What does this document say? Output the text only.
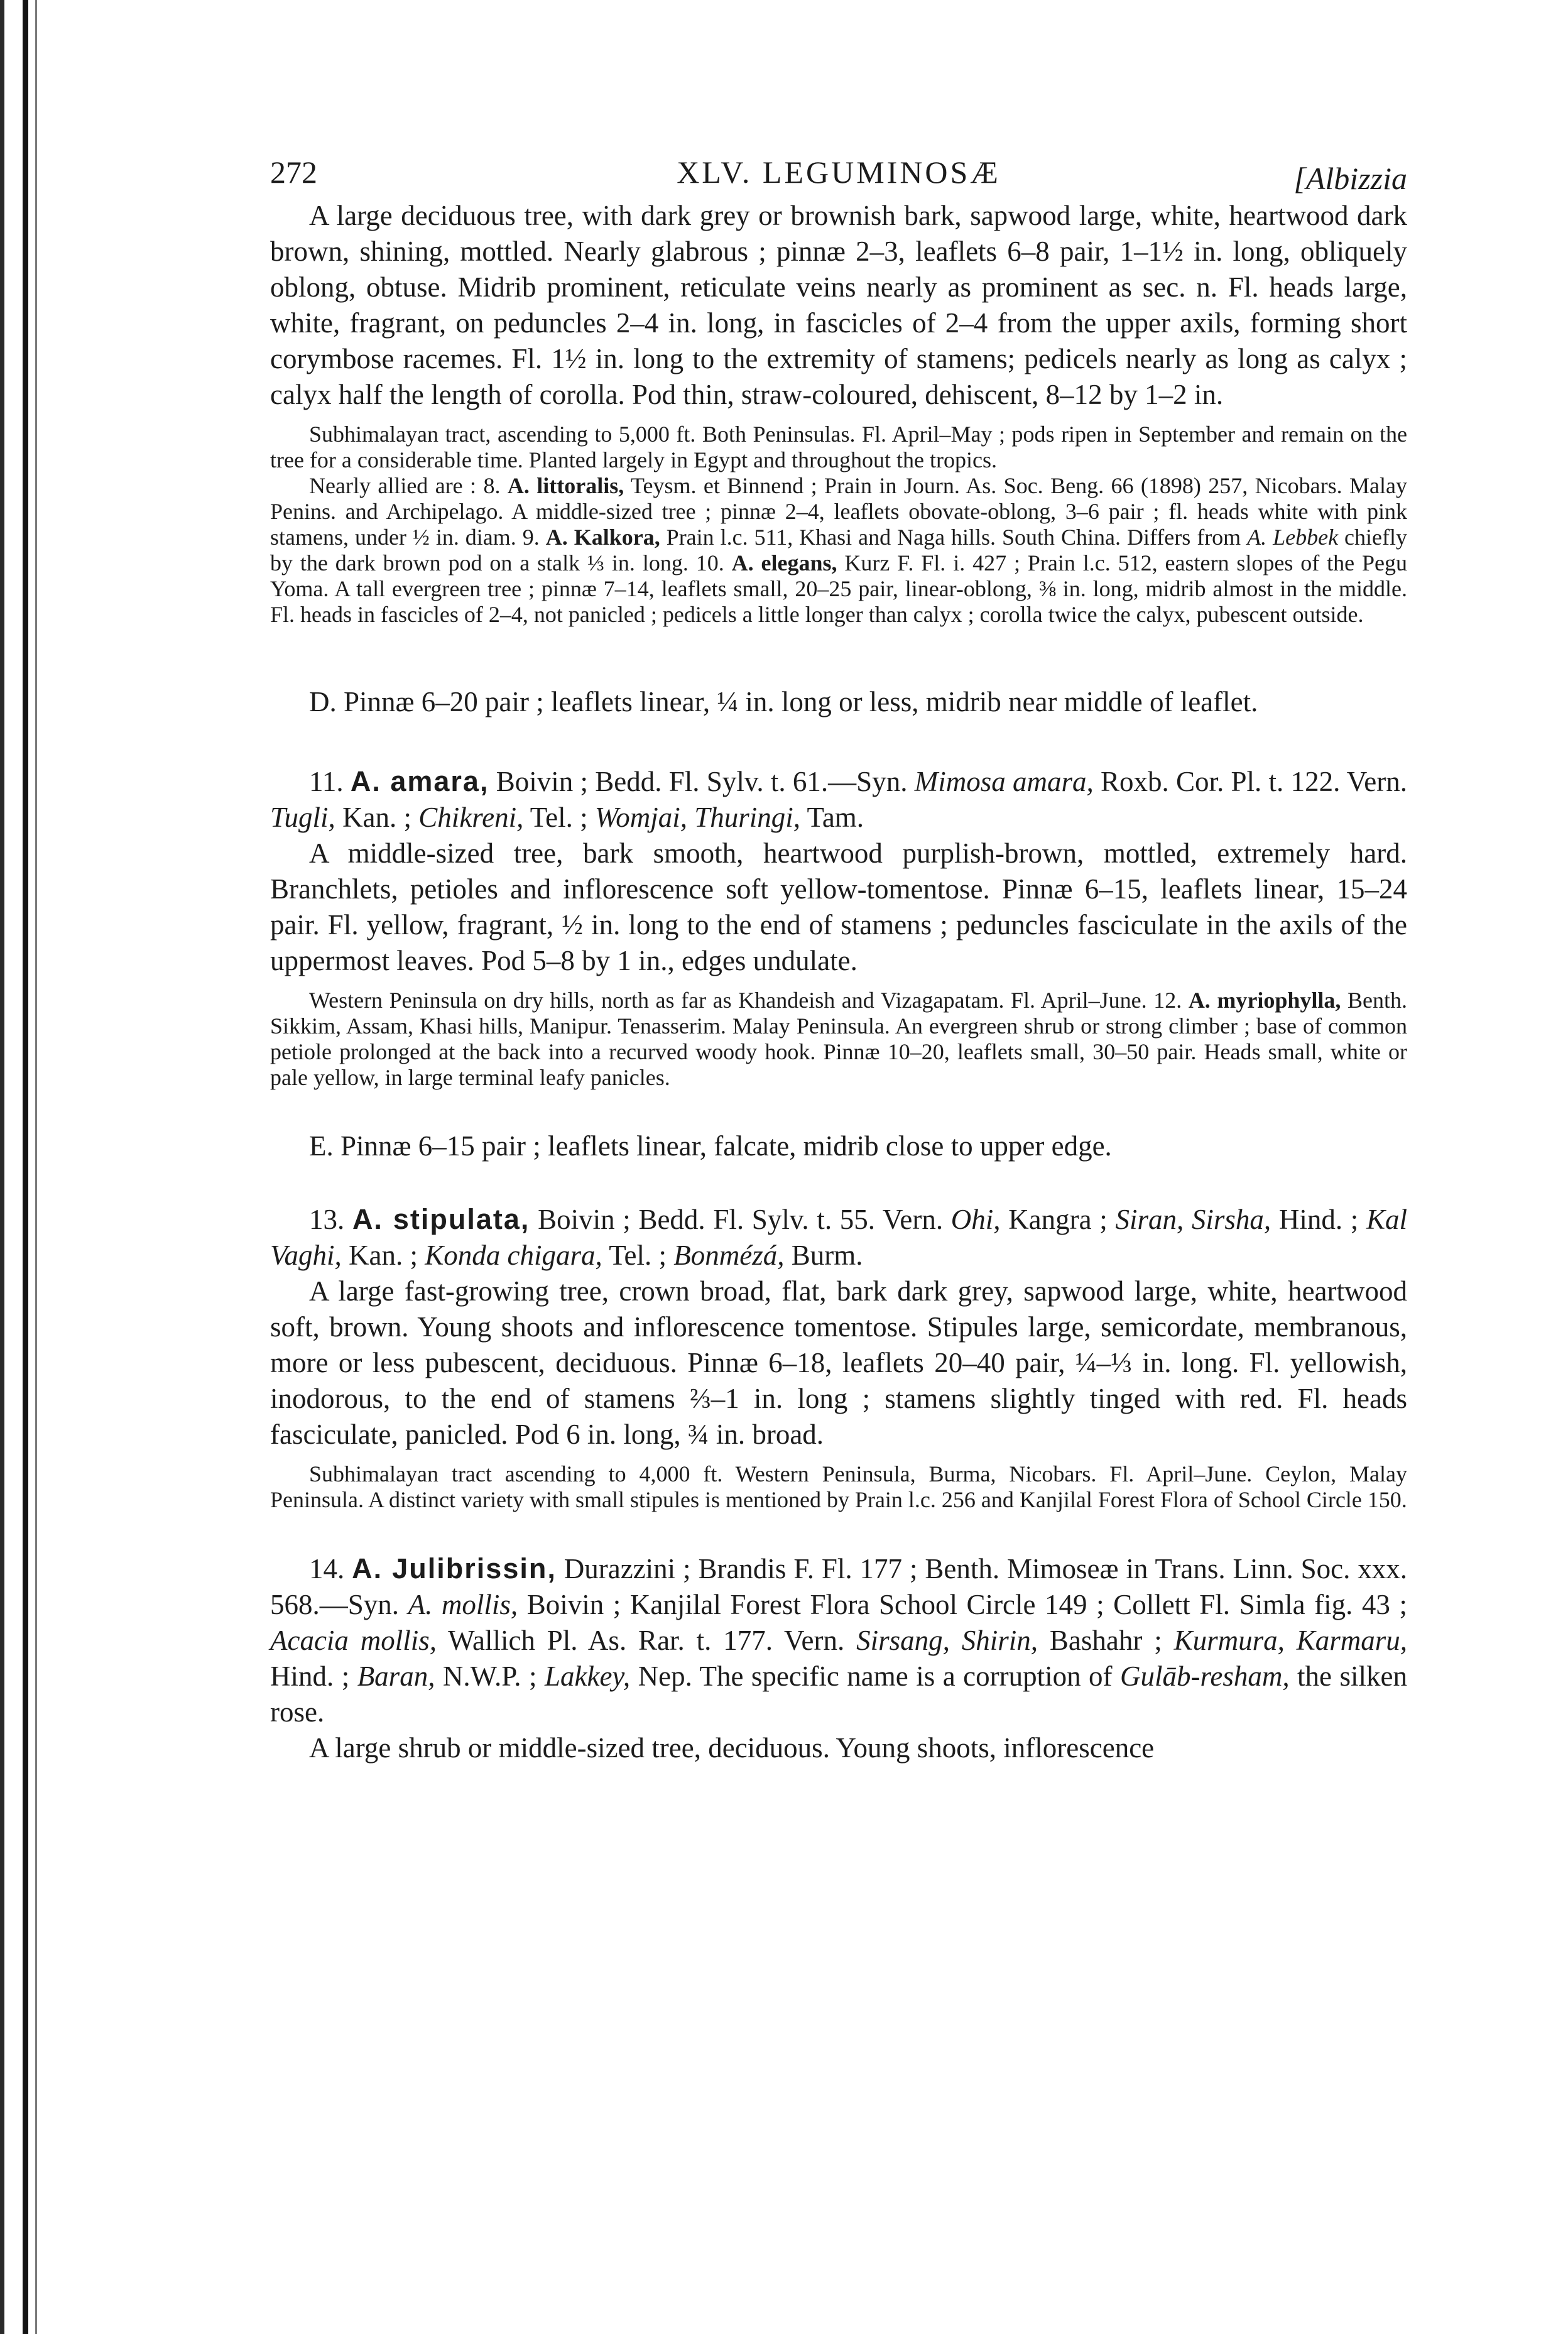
272	XLV. LEGUMINOSÆ	[Albizzia

A large deciduous tree, with dark grey or brownish bark, sapwood large, white, heartwood dark brown, shining, mottled. Nearly glabrous ; pinnæ 2–3, leaflets 6–8 pair, 1–1½ in. long, obliquely oblong, obtuse. Midrib prominent, reticulate veins nearly as prominent as sec. n. Fl. heads large, white, fragrant, on peduncles 2–4 in. long, in fascicles of 2–4 from the upper axils, forming short corymbose racemes. Fl. 1½ in. long to the extremity of stamens; pedicels nearly as long as calyx ; calyx half the length of corolla. Pod thin, straw-coloured, dehiscent, 8–12 by 1–2 in.

Subhimalayan tract, ascending to 5,000 ft. Both Peninsulas. Fl. April–May ; pods ripen in September and remain on the tree for a considerable time. Planted largely in Egypt and throughout the tropics.

Nearly allied are : 8. A. littoralis, Teysm. et Binnend ; Prain in Journ. As. Soc. Beng. 66 (1898) 257, Nicobars. Malay Penins. and Archipelago. A middle-sized tree ; pinnæ 2–4, leaflets obovate-oblong, 3–6 pair ; fl. heads white with pink stamens, under ½ in. diam. 9. A. Kalkora, Prain l.c. 511, Khasi and Naga hills. South China. Differs from A. Lebbek chiefly by the dark brown pod on a stalk ⅓ in. long. 10. A. elegans, Kurz F. Fl. i. 427 ; Prain l.c. 512, eastern slopes of the Pegu Yoma. A tall evergreen tree ; pinnæ 7–14, leaflets small, 20–25 pair, linear-oblong, ⅜ in. long, midrib almost in the middle. Fl. heads in fascicles of 2–4, not panicled ; pedicels a little longer than calyx ; corolla twice the calyx, pubescent outside.

D. Pinnæ 6–20 pair ; leaflets linear, ¼ in. long or less, midrib near middle of leaflet.

11. A. amara, Boivin ; Bedd. Fl. Sylv. t. 61.—Syn. Mimosa amara, Roxb. Cor. Pl. t. 122. Vern. Tugli, Kan. ; Chikreni, Tel. ; Womjai, Thuringi, Tam.

A middle-sized tree, bark smooth, heartwood purplish-brown, mottled, extremely hard. Branchlets, petioles and inflorescence soft yellow-tomentose. Pinnæ 6–15, leaflets linear, 15–24 pair. Fl. yellow, fragrant, ½ in. long to the end of stamens ; peduncles fasciculate in the axils of the uppermost leaves. Pod 5–8 by 1 in., edges undulate.

Western Peninsula on dry hills, north as far as Khandeish and Vizagapatam. Fl. April–June. 12. A. myriophylla, Benth. Sikkim, Assam, Khasi hills, Manipur. Tenasserim. Malay Peninsula. An evergreen shrub or strong climber ; base of common petiole prolonged at the back into a recurved woody hook. Pinnæ 10–20, leaflets small, 30–50 pair. Heads small, white or pale yellow, in large terminal leafy panicles.

E. Pinnæ 6–15 pair ; leaflets linear, falcate, midrib close to upper edge.

13. A. stipulata, Boivin ; Bedd. Fl. Sylv. t. 55. Vern. Ohi, Kangra ; Siran, Sirsha, Hind. ; Kal Vaghi, Kan. ; Konda chigara, Tel. ; Bonmézá, Burm.

A large fast-growing tree, crown broad, flat, bark dark grey, sapwood large, white, heartwood soft, brown. Young shoots and inflorescence tomentose. Stipules large, semicordate, membranous, more or less pubescent, deciduous. Pinnæ 6–18, leaflets 20–40 pair, ¼–⅓ in. long. Fl. yellowish, inodorous, to the end of stamens ⅔–1 in. long ; stamens slightly tinged with red. Fl. heads fasciculate, panicled. Pod 6 in. long, ¾ in. broad.

Subhimalayan tract ascending to 4,000 ft. Western Peninsula, Burma, Nicobars. Fl. April–June. Ceylon, Malay Peninsula. A distinct variety with small stipules is mentioned by Prain l.c. 256 and Kanjilal Forest Flora of School Circle 150.

14. A. Julibrissin, Durazzini ; Brandis F. Fl. 177 ; Benth. Mimoseæ in Trans. Linn. Soc. xxx. 568.—Syn. A. mollis, Boivin ; Kanjilal Forest Flora School Circle 149 ; Collett Fl. Simla fig. 43 ; Acacia mollis, Wallich Pl. As. Rar. t. 177. Vern. Sirsang, Shirin, Bashahr ; Kurmura, Karmaru, Hind. ; Baran, N.W.P. ; Lakkey, Nep. The specific name is a corruption of Gulāb-resham, the silken rose.

A large shrub or middle-sized tree, deciduous. Young shoots, inflorescence
